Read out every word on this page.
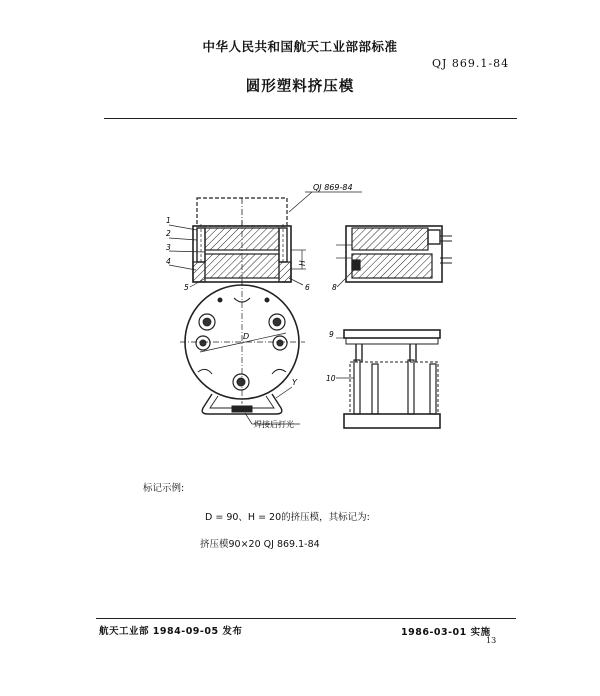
中华人民共和国航天工业部部标准
QJ 869.1-84
圆形塑料挤压模
QJ 869-84
1
2
3
4
5	6
H
8
D
Y
焊接后打光
9
10
标记示例:
D = 90、H = 20的挤压模，其标记为:
挤压模90×20 QJ 869.1-84
航天工业部 1984-09-05 发布	1986-03-01 实施
13
